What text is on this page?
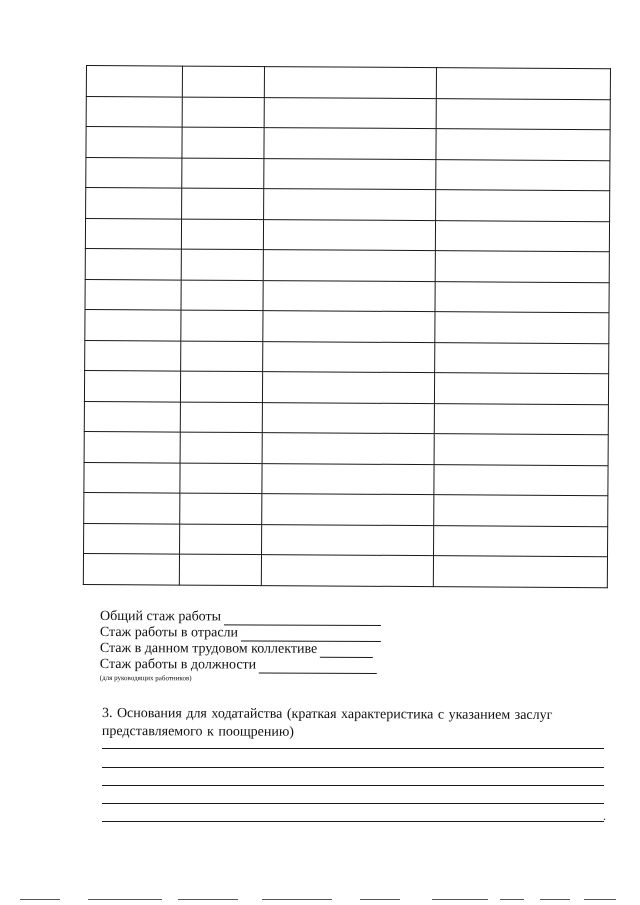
Общий стаж работы
Стаж работы в отрасли
Стаж в данном трудовом коллективе
Стаж работы в должности
(для руководящих работников)
3. Основания для ходатайства (краткая характеристика с указанием заслуг
представляемого к поощрению)
.
